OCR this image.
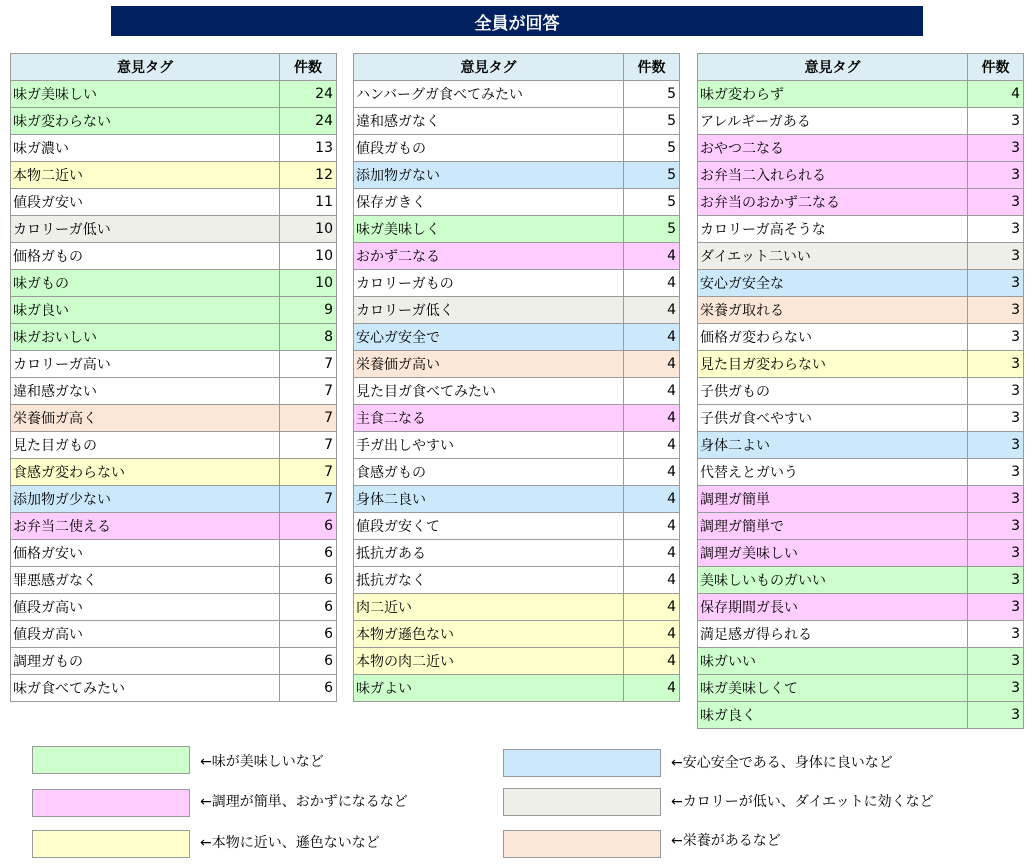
全員が回答
意見タグ	件数
味ガ美味しい	24
味ガ変わらない	24
味ガ濃い	13
本物二近い	12
値段ガ安い	11
カロリーガ低い	10
価格ガもの	10
味ガもの	10
味ガ良い	9
味ガおいしい	8
カロリーガ高い	7
違和感ガない	7
栄養価ガ高く	7
見た目ガもの	7
食感ガ変わらない	7
添加物ガ少ない	7
お弁当二使える	6
価格ガ安い	6
罪悪感ガなく	6
値段ガ高い	6
値段ガ高い	6
調理ガもの	6
味ガ食べてみたい	6
意見タグ	件数
ハンバーグガ食べてみたい	5
違和感ガなく	5
値段ガもの	5
添加物ガない	5
保存ガきく	5
味ガ美味しく	5
おかず二なる	4
カロリーガもの	4
カロリーガ低く	4
安心ガ安全で	4
栄養価ガ高い	4
見た目ガ食べてみたい	4
主食二なる	4
手ガ出しやすい	4
食感ガもの	4
身体二良い	4
値段ガ安くて	4
抵抗ガある	4
抵抗ガなく	4
肉二近い	4
本物ガ遜色ない	4
本物の肉二近い	4
味ガよい	4
意見タグ	件数
味ガ変わらず	4
アレルギーガある	3
おやつ二なる	3
お弁当二入れられる	3
お弁当のおかず二なる	3
カロリーガ高そうな	3
ダイエット二いい	3
安心ガ安全な	3
栄養ガ取れる	3
価格ガ変わらない	3
見た目ガ変わらない	3
子供ガもの	3
子供ガ食べやすい	3
身体二よい	3
代替えとガいう	3
調理ガ簡単	3
調理ガ簡単で	3
調理ガ美味しい	3
美味しいものガいい	3
保存期間ガ長い	3
満足感ガ得られる	3
味ガいい	3
味ガ美味しくて	3
味ガ良く	3
←味が美味しいなど
←調理が簡単、おかずになるなど
←本物に近い、遜色ないなど
←安心安全である、身体に良いなど
←カロリーが低い、ダイエットに効くなど
←栄養があるなど
